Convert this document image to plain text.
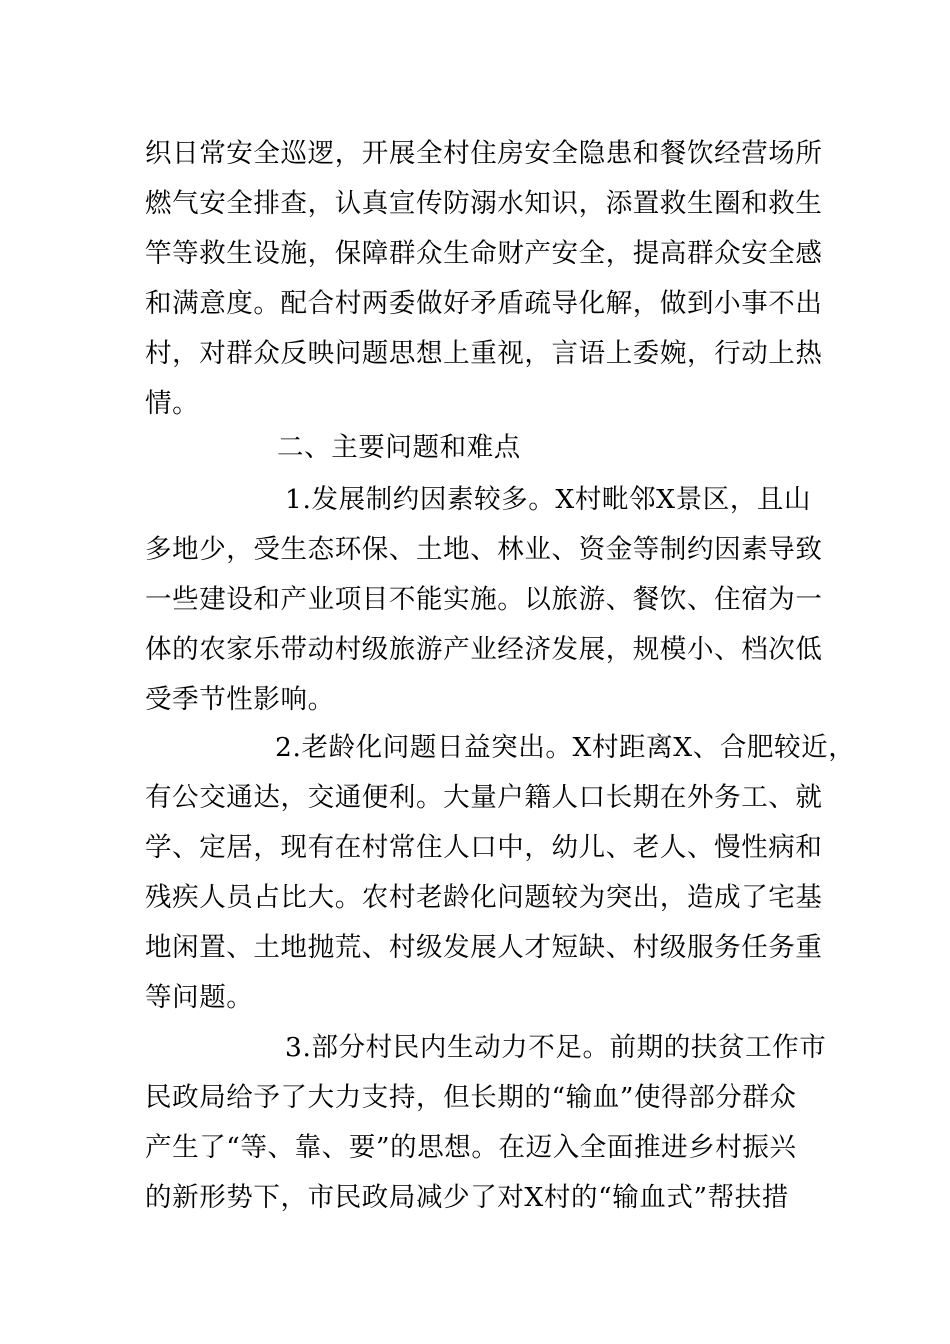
织日常安全巡逻，开展全村住房安全隐患和餐饮经营场所
燃气安全排查，认真宣传防溺水知识，添置救生圈和救生
竿等救生设施，保障群众生命财产安全，提高群众安全感
和满意度。配合村两委做好矛盾疏导化解，做到小事不出
村，对群众反映问题思想上重视，言语上委婉，行动上热
情。
二、主要问题和难点
1.发展制约因素较多。X村毗邻X景区，且山
多地少，受生态环保、土地、林业、资金等制约因素导致
一些建设和产业项目不能实施。以旅游、餐饮、住宿为一
体的农家乐带动村级旅游产业经济发展，规模小、档次低
受季节性影响。
2.老龄化问题日益突出。X村距离X、合肥较近，
有公交通达，交通便利。大量户籍人口长期在外务工、就
学、定居，现有在村常住人口中，幼儿、老人、慢性病和
残疾人员占比大。农村老龄化问题较为突出，造成了宅基
地闲置、土地抛荒、村级发展人才短缺、村级服务任务重
等问题。
3.部分村民内生动力不足。前期的扶贫工作市
民政局给予了大力支持，但长期的“输血”使得部分群众
产生了“等、靠、要”的思想。在迈入全面推进乡村振兴
的新形势下，市民政局减少了对X村的“输血式”帮扶措
